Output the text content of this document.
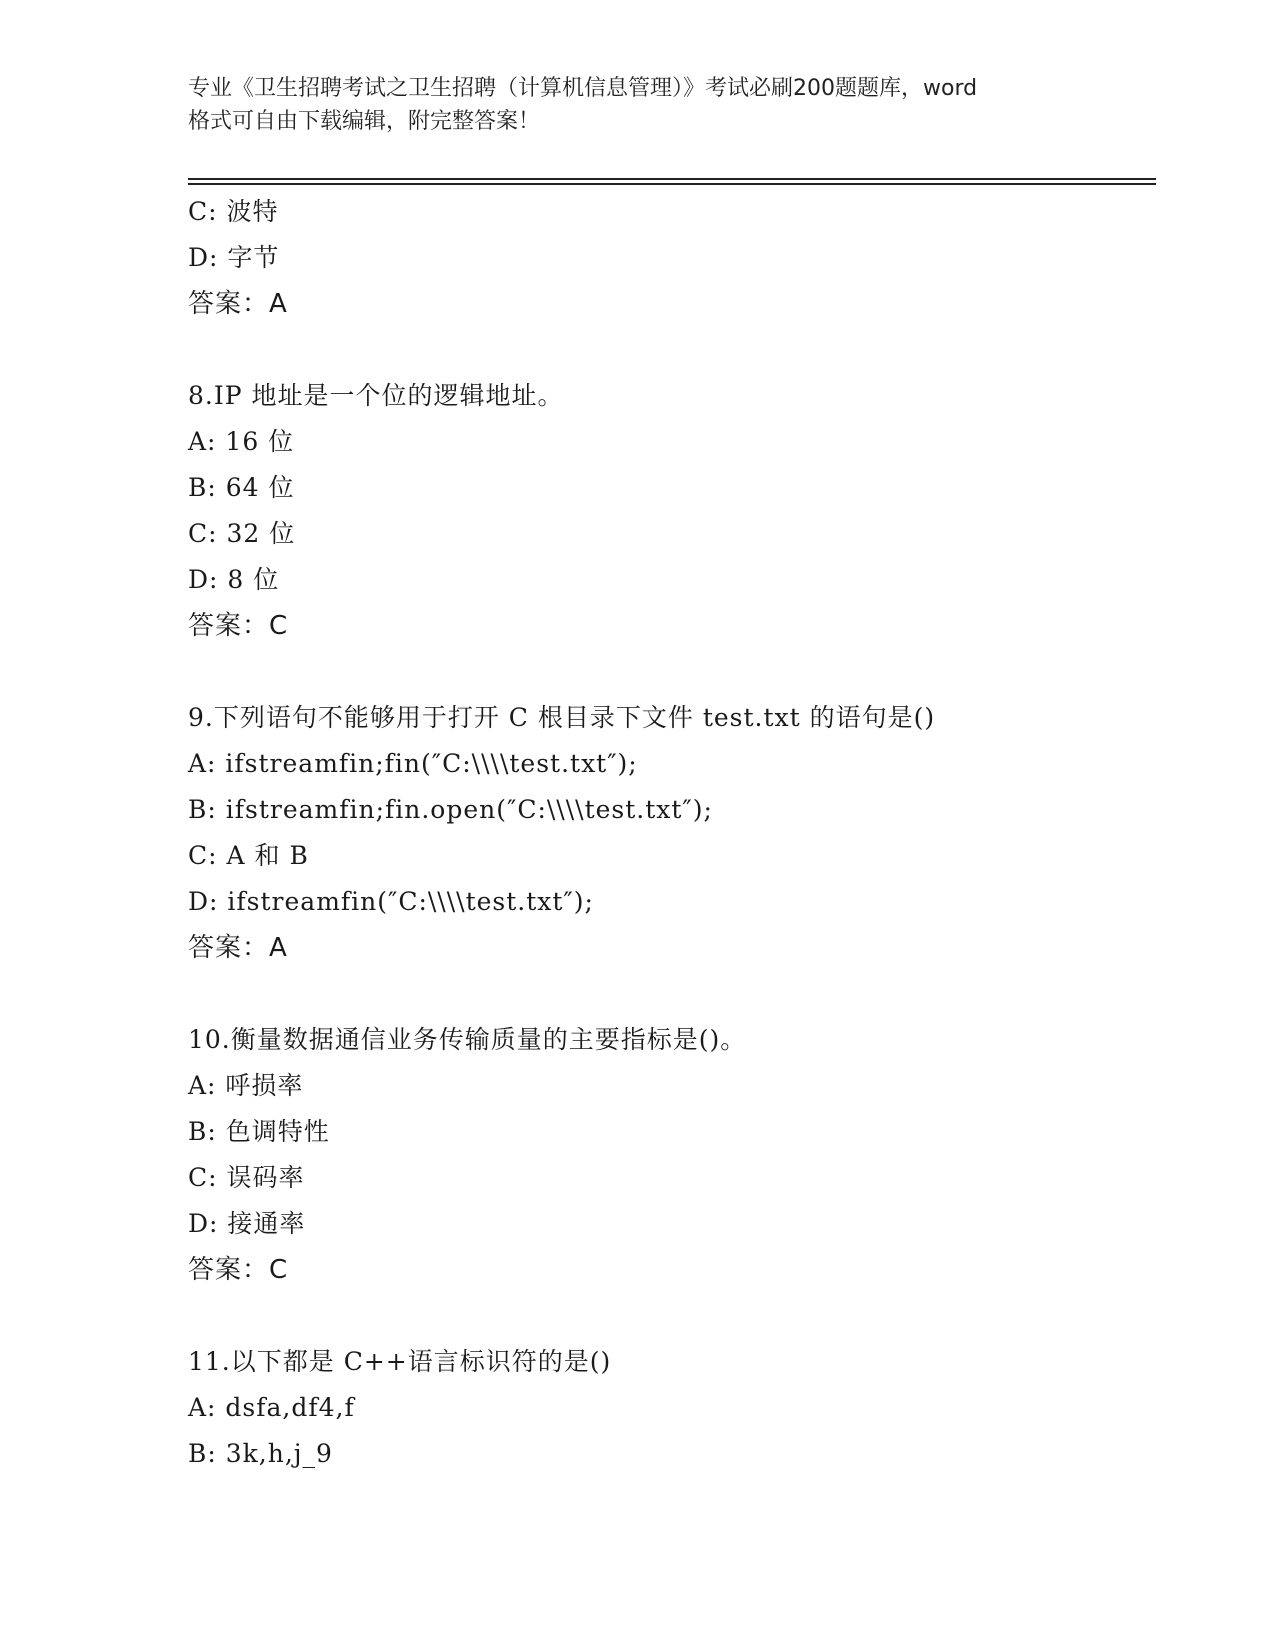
专业《卫生招聘考试之卫生招聘（计算机信息管理）》考试必刷200题题库，word
格式可自由下载编辑，附完整答案！
C: 波特
D: 字节
答案：A
8.IP 地址是一个位的逻辑地址。
A: 16 位
B: 64 位
C: 32 位
D: 8 位
答案：C
9.下列语句不能够用于打开 C 根目录下文件 test.txt 的语句是()
A: ifstreamfin;fin(″C:\\\\test.txt″);
B: ifstreamfin;fin.open(″C:\\\\test.txt″);
C: A 和 B
D: ifstreamfin(″C:\\\\test.txt″);
答案：A
10.衡量数据通信业务传输质量的主要指标是()。
A: 呼损率
B: 色调特性
C: 误码率
D: 接通率
答案：C
11.以下都是 C++语言标识符的是()
A: dsfa,df4,f
B: 3k,h,j_9
